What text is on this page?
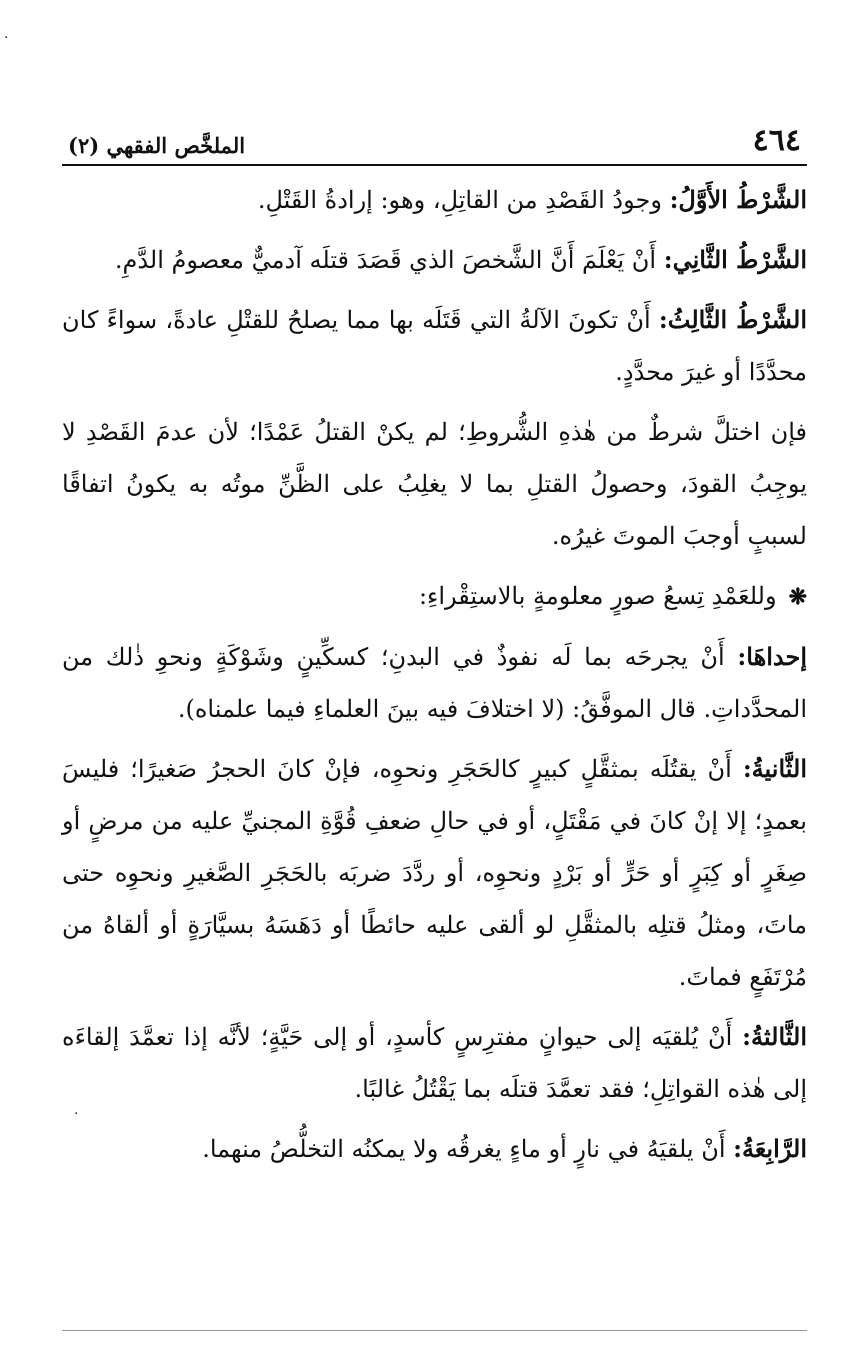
٤٦٤
الملخَّص الفقهي (٢)

الشَّرْطُ الأَوَّلُ: وجودُ القَصْدِ من القاتِلِ، وهو: إرادةُ القَتْلِ.

الشَّرْطُ الثَّانِي: أَنْ يَعْلَمَ أَنَّ الشَّخصَ الذي قَصَدَ قتلَه آدميٌّ معصومُ الدَّمِ.

الشَّرْطُ الثَّالِثُ: أَنْ تكونَ الآلةُ التي قَتَلَه بها مما يصلحُ للقتْلِ عادةً، سواءً كان محدَّدًا أو غيرَ محدَّدٍ.

فإن اختلَّ شرطٌ من هٰذهِ الشُّروطِ؛ لم يكنْ القتلُ عَمْدًا؛ لأن عدمَ القَصْدِ لا يوجِبُ القودَ، وحصولُ القتلِ بما لا يغلِبُ على الظَّنِّ موتُه به يكونُ اتفاقًا لسببٍ أوجبَ الموتَ غيرُه.

❋وللعَمْدِ تِسعُ صورٍ معلومةٍ بالاستِقْراءِ:

إحداهَا: أَنْ يجرحَه بما لَه نفوذٌ في البدنِ؛ كسكِّينٍ وشَوْكَةٍ ونحوِ ذٰلك من المحدَّداتِ. قال الموفَّقُ: (لا اختلافَ فيه بينَ العلماءِ فيما علمناه).

الثَّانيةُ: أَنْ يقتُلَه بمثقَّلٍ كبيرٍ كالحَجَرِ ونحوِه، فإنْ كانَ الحجرُ صَغيرًا؛ فليسَ بعمدٍ؛ إلا إنْ كانَ في مَقْتَلٍ، أو في حالِ ضعفِ قُوَّةِ المجنيِّ عليه من مرضٍ أو صِغَرٍ أو كِبَرٍ أو حَرٍّ أو بَرْدٍ ونحوِه، أو ردَّدَ ضربَه بالحَجَرِ الصَّغيرِ ونحوِه حتى ماتَ، ومثلُ قتلِه بالمثقَّلِ لو ألقى عليه حائطًا أو دَهَسَهُ بسيَّارَةٍ أو ألقاهُ من مُرْتَفَعٍ فماتَ.

الثَّالثةُ: أَنْ يُلقيَه إلى حيوانٍ مفترِسٍ كأسدٍ، أو إلى حَيَّةٍ؛ لأنَّه إذا تعمَّدَ إلقاءَه إلى هٰذه القواتِلِ؛ فقد تعمَّدَ قتلَه بما يَقْتُلُ غالبًا.

الرَّابِعَةُ: أَنْ يلقيَهُ في نارٍ أو ماءٍ يغرقُه ولا يمكنُه التخلُّصُ منهما.

·
·
